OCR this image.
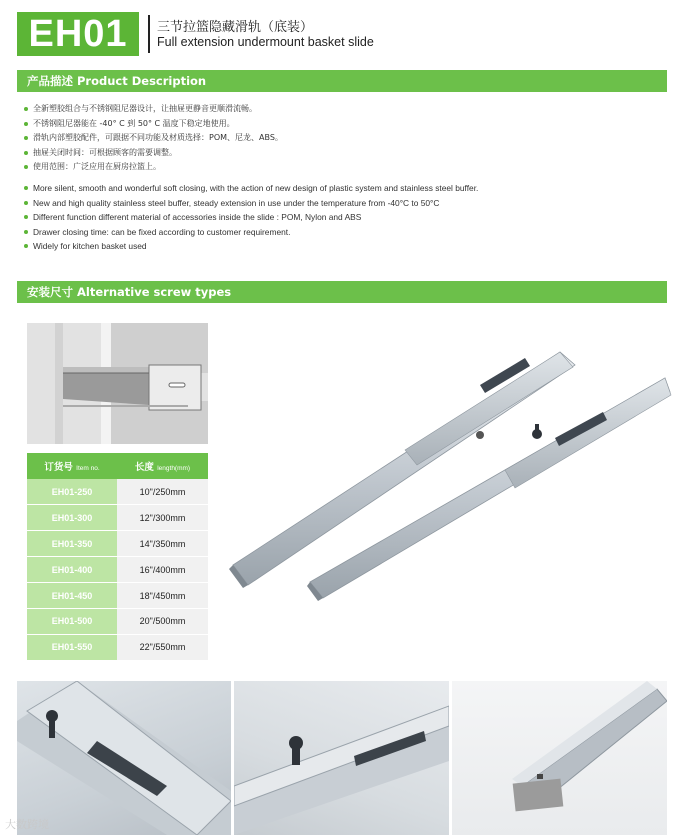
EH01	三节拉篮隐藏滑轨（底装）
Full extension undermount basket slide
产品描述 Product Description
全新塑胶组合与不锈钢阻尼器设计，让抽屉更静音更顺滑流畅。
不锈钢阻尼器能在 -40° C 到 50° C 温度下稳定地使用。
滑轨内部塑胶配件，可跟据不同功能及材质选择：POM、尼龙、ABS。
抽屉关闭时间：可根据顾客的需要调整。
使用范围：广泛应用在厨房拉篮上。
More silent, smooth and wonderful soft closing, with the action of new design of plastic system and stainless steel buffer.
New and high quality stainless steel buffer, steady extension in use under the temperature from -40°C to 50°C
Different function different material of accessories inside the slide : POM, Nylon and ABS
Drawer closing time: can be fixed according to customer requirement.
Widely for kitchen basket used
安装尺寸 Alternative screw types
订货号 Item no.	长度 length(mm)
EH01-250	10"/250mm
EH01-300	12"/300mm
EH01-350	14"/350mm
EH01-400	16"/400mm
EH01-450	18"/450mm
EH01-500	20"/500mm
EH01-550	22"/550mm
大数跨境
